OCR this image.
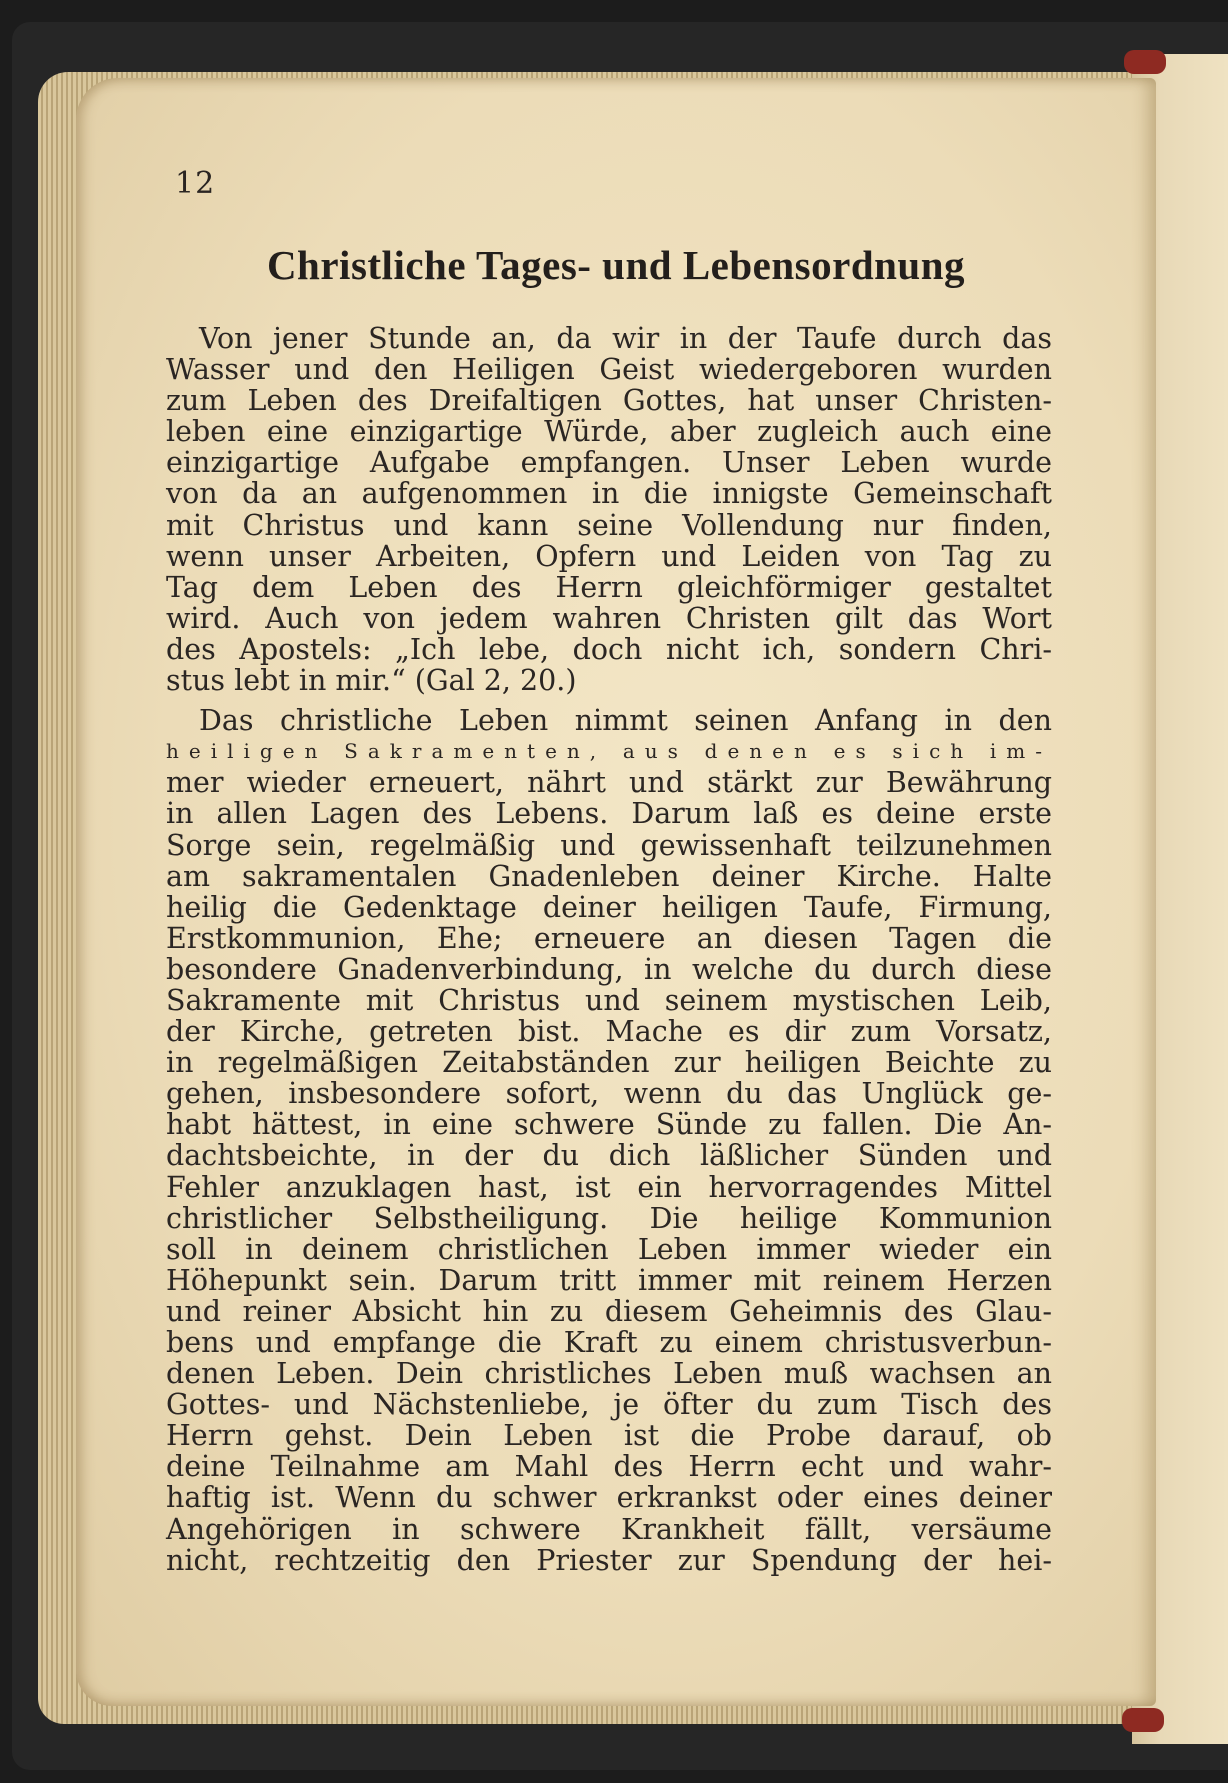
12
Christliche Tages- und Lebensordnung
Von jener Stunde an, da wir in der Taufe durch das
Wasser und den Heiligen Geist wiedergeboren wurden
zum Leben des Dreifaltigen Gottes, hat unser Christen-
leben eine einzigartige Würde, aber zugleich auch eine
einzigartige Aufgabe empfangen. Unser Leben wurde
von da an aufgenommen in die innigste Gemeinschaft
mit Christus und kann seine Vollendung nur finden,
wenn unser Arbeiten, Opfern und Leiden von Tag zu
Tag dem Leben des Herrn gleichförmiger gestaltet
wird. Auch von jedem wahren Christen gilt das Wort
des Apostels: „Ich lebe, doch nicht ich, sondern Chri-
stus lebt in mir.“ (Gal 2, 20.)
Das christliche Leben nimmt seinen Anfang in den
heiligen Sakramenten, aus denen es sich im-
mer wieder erneuert, nährt und stärkt zur Bewährung
in allen Lagen des Lebens. Darum laß es deine erste
Sorge sein, regelmäßig und gewissenhaft teilzunehmen
am sakramentalen Gnadenleben deiner Kirche. Halte
heilig die Gedenktage deiner heiligen Taufe, Firmung,
Erstkommunion, Ehe; erneuere an diesen Tagen die
besondere Gnadenverbindung, in welche du durch diese
Sakramente mit Christus und seinem mystischen Leib,
der Kirche, getreten bist. Mache es dir zum Vorsatz,
in regelmäßigen Zeitabständen zur heiligen Beichte zu
gehen, insbesondere sofort, wenn du das Unglück ge-
habt hättest, in eine schwere Sünde zu fallen. Die An-
dachtsbeichte, in der du dich läßlicher Sünden und
Fehler anzuklagen hast, ist ein hervorragendes Mittel
christlicher Selbstheiligung. Die heilige Kommunion
soll in deinem christlichen Leben immer wieder ein
Höhepunkt sein. Darum tritt immer mit reinem Herzen
und reiner Absicht hin zu diesem Geheimnis des Glau-
bens und empfange die Kraft zu einem christusverbun-
denen Leben. Dein christliches Leben muß wachsen an
Gottes- und Nächstenliebe, je öfter du zum Tisch des
Herrn gehst. Dein Leben ist die Probe darauf, ob
deine Teilnahme am Mahl des Herrn echt und wahr-
haftig ist. Wenn du schwer erkrankst oder eines deiner
Angehörigen in schwere Krankheit fällt, versäume
nicht, rechtzeitig den Priester zur Spendung der hei-
